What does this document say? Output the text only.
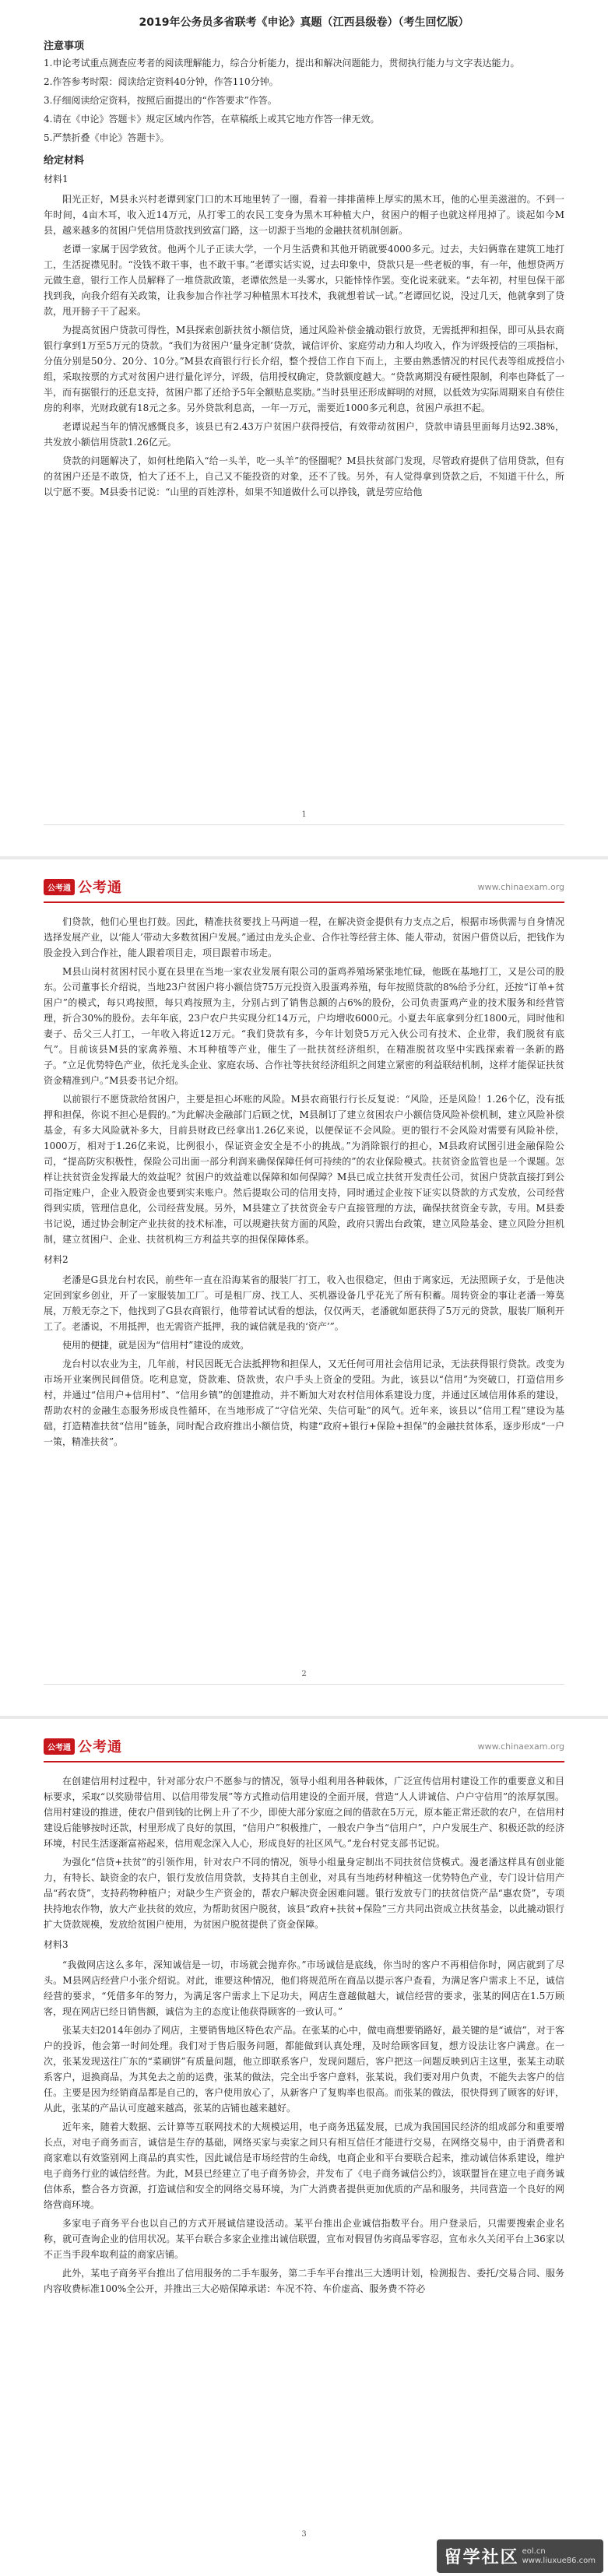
2019年公务员多省联考《申论》真题（江西县级卷）（考生回忆版）
注意事项

1.申论考试重点测查应考者的阅读理解能力，综合分析能力，提出和解决问题能力，贯彻执行能力与文字表达能力。

2.作答参考时限：阅读给定资料40分钟，作答110分钟。

3.仔细阅读给定资料，按照后面提出的“作答要求”作答。

4.请在《申论》答题卡》规定区域内作答，在草稿纸上或其它地方作答一律无效。

5.严禁折叠《申论》答题卡》。

给定材料

材料1

阳光正好，M县永兴村老谭到家门口的木耳地里转了一圈，看着一排排菌棒上厚实的黑木耳，他的心里美滋滋的。不到一年时间，4亩木耳，收入近14万元，从打零工的农民工变身为黑木耳种植大户，贫困户的帽子也就这样甩掉了。谈起如今M县，越来越多的贫困户凭信用贷款找到致富门路，这一切源于当地的金融扶贫机制创新。

老谭一家属于因学致贫。他两个儿子正读大学，一个月生活费和其他开销就要4000多元。过去，夫妇俩靠在建筑工地打工，生活捉襟见肘。“没钱不敢干事，也不敢干事。”老谭实话实说，过去印象中，贷款只是一些老板的事，有一年，他想贷两万元做生意，银行工作人员解释了一堆贷款政策，老谭依然是一头雾水，只能悻悻作罢。变化说来就来。“去年初，村里包保干部找到我，向我介绍有关政策，让我参加合作社学习种植黑木耳技术，我就想着试一试。”老谭回忆说，没过几天，他就拿到了贷款，甩开膀子干了起来。

为提高贫困户贷款可得性，M县探索创新扶贫小额信贷，通过风险补偿金撬动银行放贷，无需抵押和担保，即可从县农商银行拿到1万至5万元的贷款。“我们为贫困户‘量身定制’贷款，诚信评价、家庭劳动力和人均收入，作为评级授信的三项指标，分值分别是50分、20分、10分。”M县农商银行行长介绍，整个授信工作自下而上，主要由熟悉情况的村民代表等组成授信小组，采取按票的方式对贫困户进行量化评分，评级，信用授权确定，贷款额度越大。“贷款离期没有硬性限制，利率也降低了一半，而有据银行的还息支持，贫困户都了还给予5年全额贴息奖励。”当时县里还形成鲜明的对照，以低效为实际周期来自有偿住房的利率，光财政就有18元之多。另外贷款利息高，一年一万元，需要近1000多元利息，贫困户承担不起。

老谭说起当年的情况感慨良多，该县已有2.43万户贫困户获得授信，有效带动贫困户，贷款申请县里面每月达92.38%，共发放小额信用贷款1.26亿元。

贷款的问题解决了，如何杜绝陷入“给一头羊，吃一头羊”的怪圈呢？M县扶贫部门发现，尽管政府提供了信用贷款，但有的贫困户还是不敢贷，怕大了还不上，自己又不能投资的对象，还不了钱。另外，有人觉得拿到贷款之后，不知道干什么，所以宁愿不要。M县委书记说：“山里的百姓淳朴，如果不知道做什么可以挣钱，就是劳应给他

1
公考通 公考通	www.chinaexam.org

们贷款，他们心里也打鼓。因此，精准扶贫要找上马两道一程，在解决资金提供有力支点之后，根据市场供需与自身情况选择发展产业，以‘能人’带动大多数贫困户发展。”通过由龙头企业、合作社等经营主体、能人带动，贫困户借贷以后，把钱作为股金投入到合作社，能人跟着项目走，项目跟着市场走。

M县山岗村贫困村民小夏在县里在当地一家农业发展有限公司的蛋鸡养殖场紧张地忙碌，他既在基地打工，又是公司的股东。公司董事长介绍说，当地23户贫困户将小额信贷75万元投资入股蛋鸡养殖，每年按照贷款的8%给予分红，还按“订单+贫困户”的模式，每只鸡按照，每只鸡按照为主，分别占到了销售总额的占6%的股份，公司负责蛋鸡产业的技术服务和经营管理，折合30%的股份。去年年底，23户农户共实现分红14万元，户均增收6000元。小夏去年底拿到分红1800元，同时他和妻子、岳父三人打工，一年收入将近12万元。“我们贷款有多，今年计划贷5万元入伙公司有技术、企业带，我们脱贫有底气”。目前该县M县的家禽养殖、木耳种植等产业，催生了一批扶贫经济组织，在精准脱贫攻坚中实践探索着一条新的路子。“立足优势特色产业，依托龙头企业、家庭农场、合作社等扶贫经济组织之间建立紧密的利益联结机制，这样才能保证扶贫资金精准到户。”M县委书记介绍。

以前银行不愿贷款给贫困户，主要是担心坏账的风险。M县农商银行行长反复说：“风险，还是风险！1.26个亿，没有抵押和担保，你说不担心是假的。”为此解决金融部门后顾之忧，M县制订了建立贫困农户小额信贷风险补偿机制，建立风险补偿基金，有多大风险就补多大，目前县财政已经拿出1.26亿来说，以便保证不会风险。更的银行不会风险对需要有风险补偿，1000万，相对于1.26亿来说，比例很小，保证资金安全是不小的挑战。”为消除银行的担心，M县政府试图引进金融保险公司，“提高防灾积极性，保险公司出面一部分利润来确保保障任何可持续的”的农业保险模式。扶贫资金监管也是一个课题。怎样让扶贫资金发挥最大的效益呢？贫困户的效益难以保障和如何保障？M县已成立扶贫开发责任公司，贫困户贷款直接打到公司指定账户，企业入股资金也要到实来账户。然后提取公司的信用支持，同时通过企业按下证实以贷款的方式发放，公司经营得到实质，管理信息化，公司经营发展。另外，M县建立了扶贫资金专户直接管理的方法，确保扶贫资金专款，专用。M县委书记说，通过协会制定产业扶贫的技术标准，可以规避扶贫方面的风险，政府只需出台政策，建立风险基金、建立风险分担机制，建立贫困户、企业、扶贫机构三方利益共享的担保保障体系。

材料2

老潘是G县龙台村农民，前些年一直在沿海某省的服装厂打工，收入也很稳定，但由于离家远，无法照顾子女，于是他决定回到家乡创业，开了一家服装加工厂。可是租厂房、找工人、买机器设备几乎花光了所有积蓄。周转资金的事让老潘一筹莫展，万般无奈之下，他找到了G县农商银行，他带着试试看的想法，仅仅两天，老潘就如愿获得了5万元的贷款，服装厂顺利开工了。老潘说，不用抵押，也无需资产抵押，我的诚信就是我的‘资产’”。

使用的便捷，就是因为“信用村”建设的成效。

龙台村以农业为主，几年前，村民因既无合法抵押物和担保人，又无任何可用社会信用记录，无法获得银行贷款。改变为市场开业案例民间借贷。吃利息宽，贷款难、贷款贵，农户手头上资金的受阻。为此，该县以“信用”为突破口，打造信用乡村，并通过“信用户+信用村”、“信用乡镇”的创建推动，并不断加大对农村信用体系建设力度，并通过区域信用体系的建设，帮助农村的金融生态服务形成良性循环，在当地形成了“守信光荣、失信可耻”的风气。近年来，该县以“信用工程”建设为基础，打造精准扶贫“信用”链条，同时配合政府推出小额信贷，构建“政府+银行+保险+担保”的金融扶贫体系，逐步形成“一户一策，精准扶贫”。

2
公考通 公考通	www.chinaexam.org

在创建信用村过程中，针对部分农户不愿参与的情况，领导小组利用各种载体，广泛宣传信用村建设工作的重要意义和目标要求，采取“以奖励带信用、以信用带发展”等方式推动信用建设的全面开展，营造“人人讲诚信、户户守信用”的浓厚氛围。信用村建设的推进，使农户借到钱的比例上升了不少，即使大部分家庭之间的借款在5万元，原本能正常还款的农户，在信用村建设后能够按时还款，村里形成了良好的氛围，“信用户”积极推广，一般农户争当“信用户”，户户发展生产、积极还款的经济环境，村民生活逐渐富裕起来，信用观念深入人心，形成良好的社区风气。”龙台村党支部书记说。

为强化“信贷+扶贫”的引领作用，针对农户不同的情况，领导小组量身定制出不同扶贫信贷模式。漫老潘这样具有创业能力，有特长、缺资金的农户，银行发放信用贷款，支持其自主创业，对具有当地药材种植这一优势特色产业，专门设计信用产品“药农贷”，支持药物种植户；对缺少生产资金的，帮农户解决资金困难问题。银行发放专门的扶贫信贷产品“惠农贷”，专项扶持地农作物，放大产业扶贫的效应，为帮助贫困户脱贫，该县“政府+扶贫+保险”三方共同出资成立扶贫基金，以此撬动银行扩大贷款规模，发放给贫困户使用，为贫困户脱贫提供了资金保障。

材料3

“我做网店这么多年，深知诚信是一切，市场就会抛弃你。”市场诚信是底线，你当时的客户不再相信你时，网店就到了尽头。M县网店经营户小张介绍说。对此，谁要这种情况，他们将规范所在商品以提示客户查看，为满足客户需求上不足，诚信经营的要求，“凭借多年的努力，为满足客户需求上下足功夫，网店生意越做越大，诚信经营的要求，张某的网店在1.5万顾客，现在网店已经日销售额，诚信为主的态度让他获得顾客的一致认可。”

张某夫妇2014年创办了网店，主要销售地区特色农产品。在张某的心中，做电商想要销路好，最关键的是“诚信”，对于客户的投诉，他会第一时间处理。我们对于售后服务问题，都能做到认真处理，及时给顾客回复，想方设法让客户满意。在一次，张某发现送往广东的“菜刷饼”有质量问题，他立即联系客户，发现问题后，客户把这一问题反映到店主这里，张某主动联系客户，退换商品，为其免去之前的运费，张某的做法，完全出乎客户意料，张某说，我们要对用户负责，不能失去客户的信任。主要是因为经销商品都是自己的，客户使用放心了，从新客户了复购率也很高。而张某的做法，很快得到了顾客的好评，从此，张某的产品认可度越来越高，张某的店铺也越来越好。

近年来，随着大数据、云计算等互联网技术的大规模运用，电子商务迅猛发展，已成为我国国民经济的组成部分和重要增长点，对电子商务而言，诚信是生存的基础，网络买家与卖家之间只有相互信任才能进行交易，在网络交易中，由于消费者和商家难以有效鉴别网上商品的真实性，因此诚信是市场经营的生命线，电商企业和平台要联合起来，推动诚信体系建设，维护电子商务行业的诚信经营。为此，M县已经建立了电子商务协会，并发布了《电子商务诚信公约》，该联盟旨在建立电子商务诚信体系，整合各方资源，打造诚信和安全的网络交易环境，为广大消费者提供更加优质的产品和服务，共同营造一个良好的网络营商环境。

多家电子商务平台也以自己的方式开展诚信建设活动。某平台推出企业诚信指数平台。用户登录后，只需要搜索企业名称，就可查询企业的信用状况。某平台联合多家企业推出诚信联盟，宣布对假冒伪劣商品零容忍，宣布永久关闭平台上36家以不正当手段牟取利益的商家店铺。

此外，某电子商务平台推出了信用服务的二手车服务，第二手车平台推出三大透明计划，检测报告、委托/交易合同、服务内容收费标准100%全公开，并推出三大必赔保障承诺：车况不符、车价虚高、服务费不符必

3
留学社区 eol.cn
www.liuxue86.com
